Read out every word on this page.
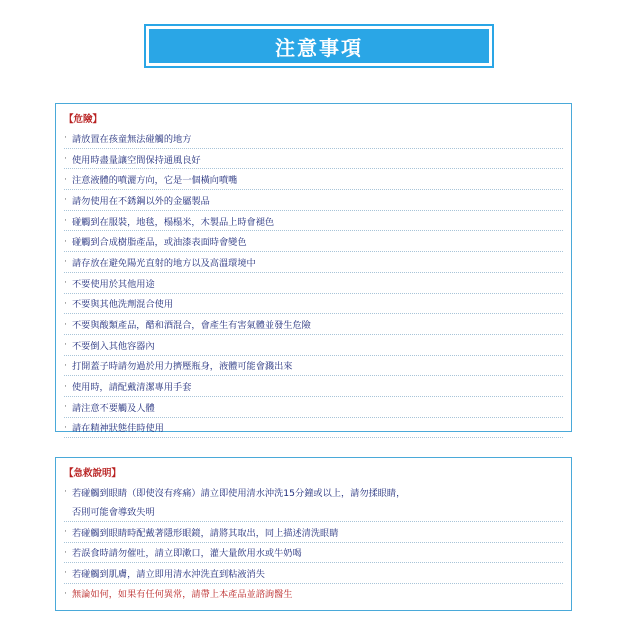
注意事項
【危險】
· 請放置在孩童無法碰觸的地方
· 使用時盡量讓空間保持通風良好
· 注意液體的噴灑方向，它是一個橫向噴嘴
· 請勿使用在不銹鋼以外的金屬製品
· 碰觸到在服裝，地毯，榻榻米，木製品上時會褪色
· 碰觸到合成樹脂產品，或油漆表面時會變色
· 請存放在避免陽光直射的地方以及高溫環境中
· 不要使用於其他用途
· 不要與其他洗劑混合使用
· 不要與酸類產品，醋和酒混合，會產生有害氣體並發生危險
· 不要倒入其他容器內
· 打開蓋子時請勿過於用力擠壓瓶身，液體可能會濺出來
· 使用時，請配戴清潔專用手套
· 請注意不要觸及人體
· 請在精神狀態佳時使用
【急救說明】
· 若碰觸到眼睛（即使沒有疼痛）請立即使用清水沖洗15分鐘或以上，請勿揉眼睛，
否則可能會導致失明
· 若碰觸到眼睛時配戴著隱形眼鏡，請將其取出，同上描述清洗眼睛
· 若誤食時請勿催吐，請立即漱口，灌大量飲用水或牛奶喝
· 若碰觸到肌膚，請立即用清水沖洗直到粘液消失
· 無論如何，如果有任何異常，請帶上本產品並諮詢醫生
